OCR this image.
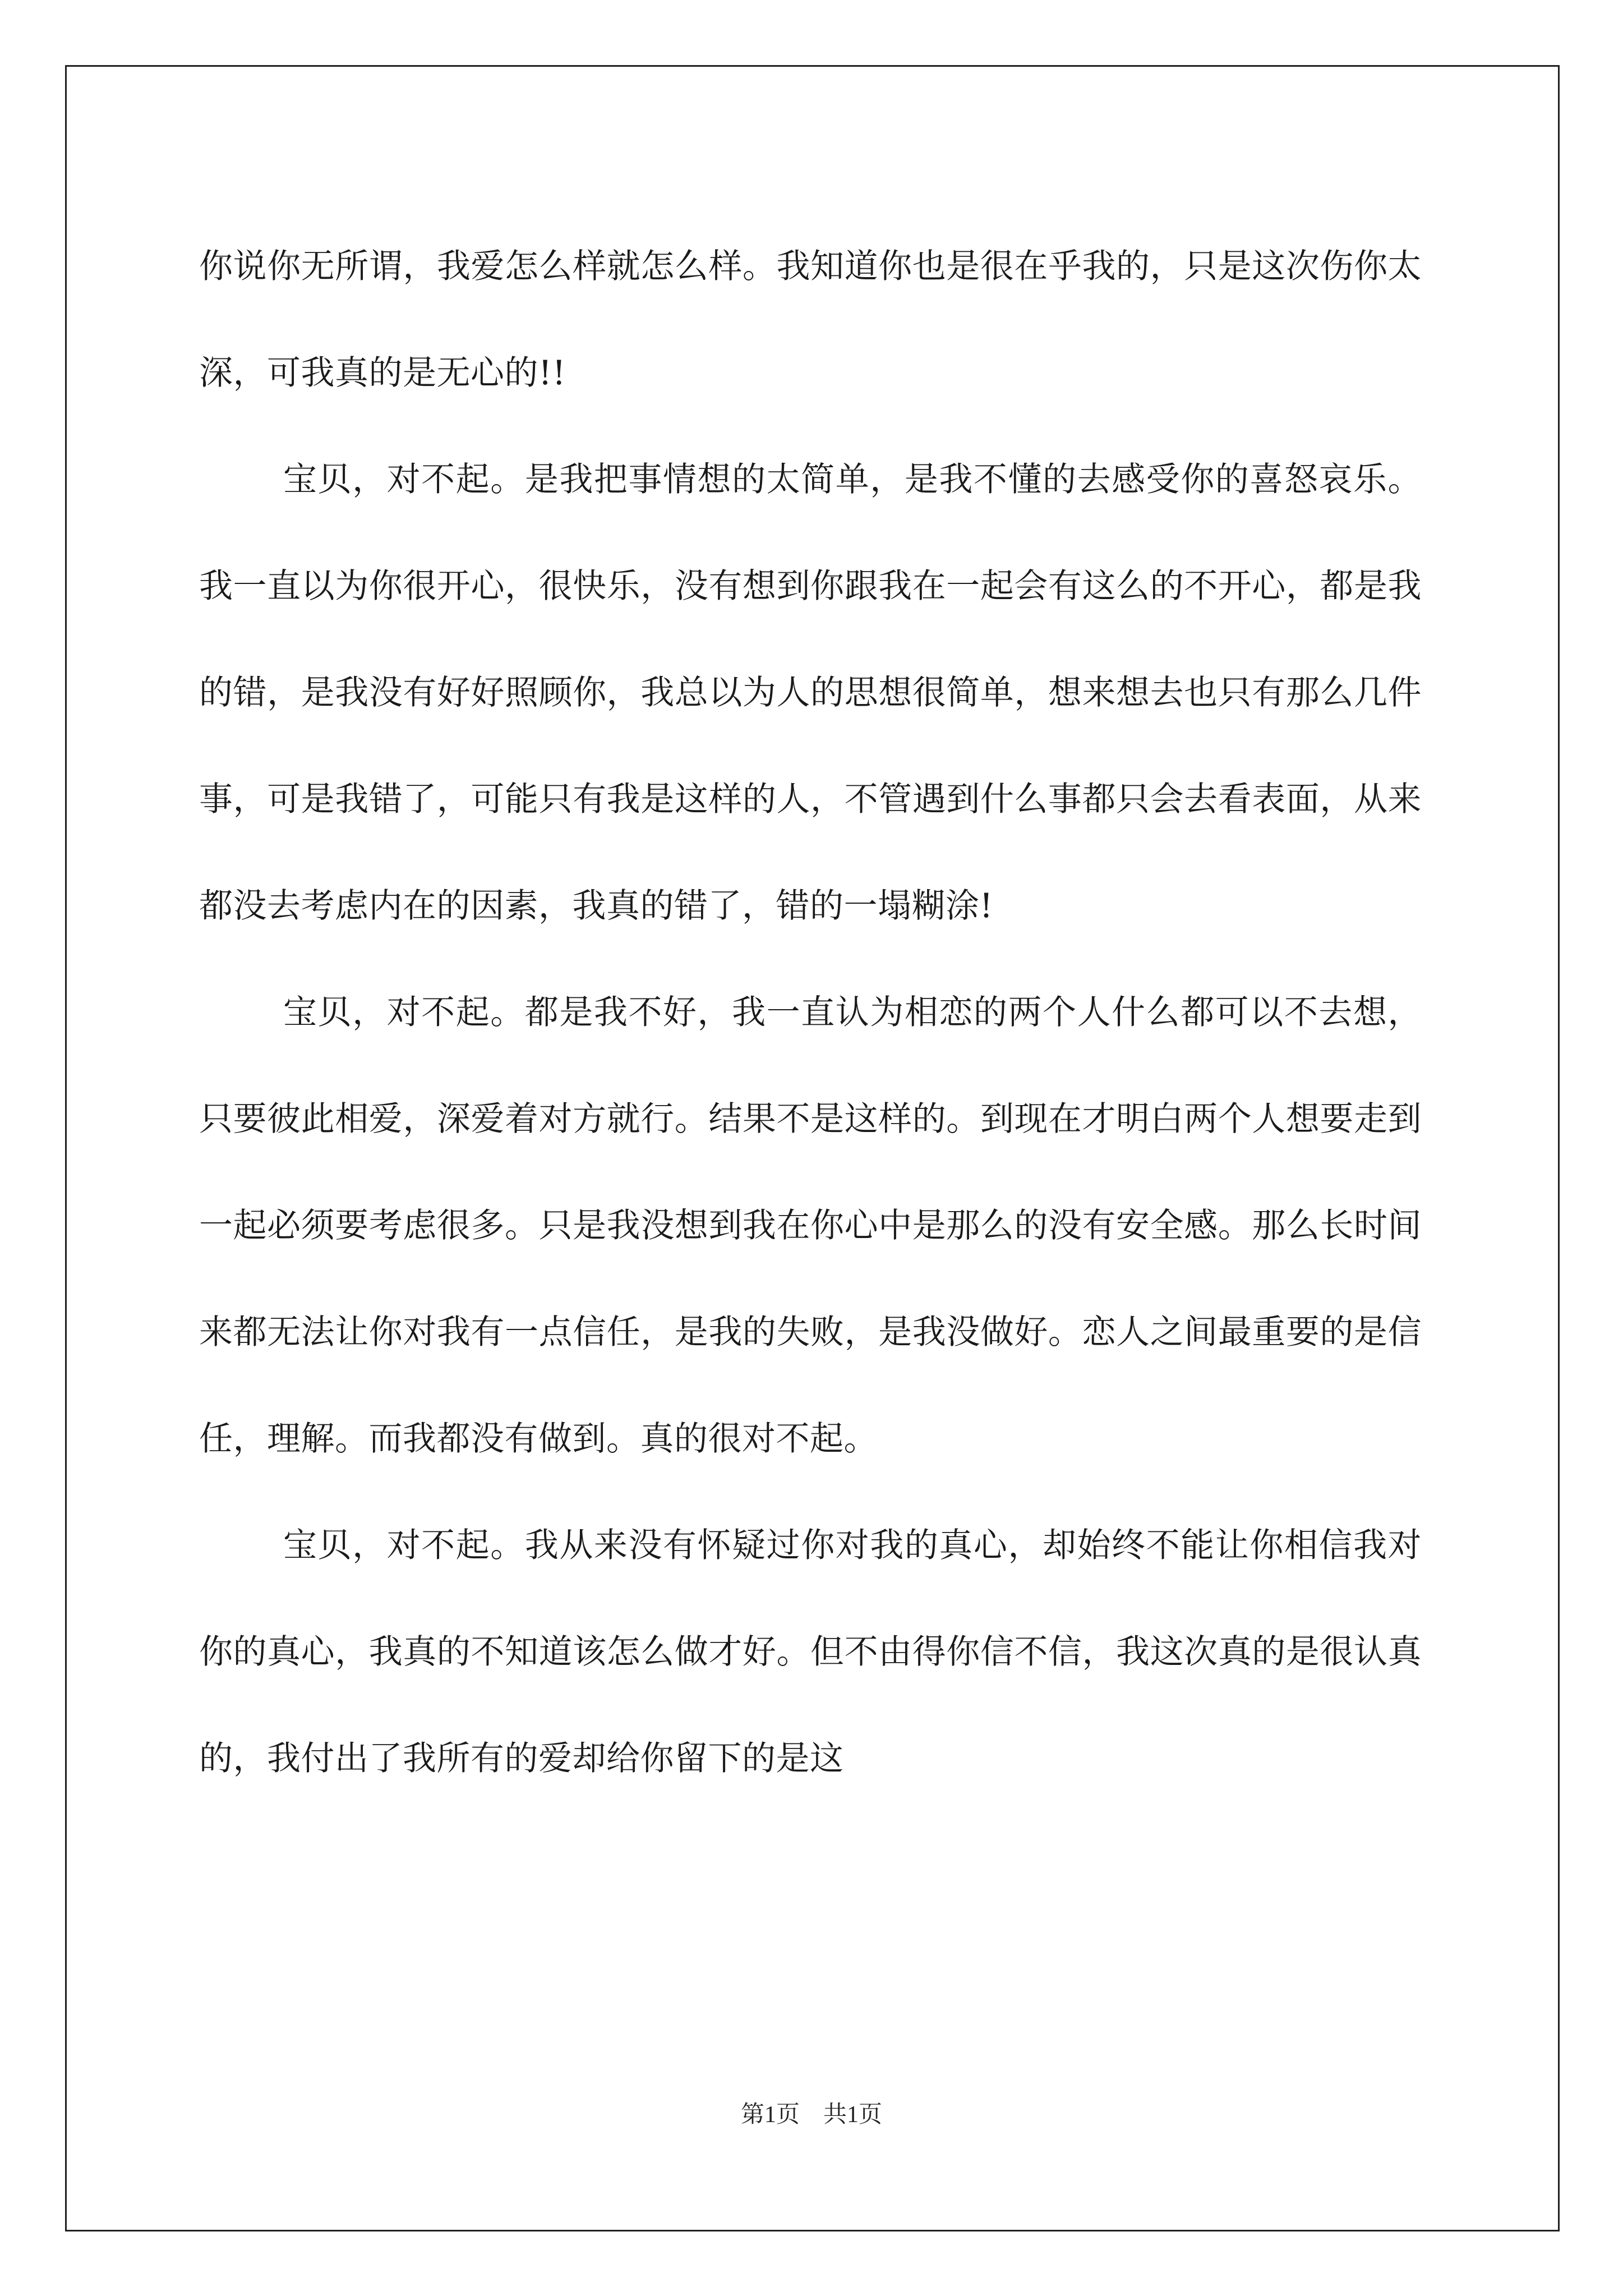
你说你无所谓，我爱怎么样就怎么样。我知道你也是很在乎我的，只是这次伤你太深，可我真的是无心的!!

宝贝，对不起。是我把事情想的太简单，是我不懂的去感受你的喜怒哀乐。我一直以为你很开心，很快乐，没有想到你跟我在一起会有这么的不开心，都是我的错，是我没有好好照顾你，我总以为人的思想很简单，想来想去也只有那么几件事，可是我错了，可能只有我是这样的人，不管遇到什么事都只会去看表面，从来都没去考虑内在的因素，我真的错了，错的一塌糊涂!

宝贝，对不起。都是我不好，我一直认为相恋的两个人什么都可以不去想，只要彼此相爱，深爱着对方就行。结果不是这样的。到现在才明白两个人想要走到一起必须要考虑很多。只是我没想到我在你心中是那么的没有安全感。那么长时间来都无法让你对我有一点信任，是我的失败，是我没做好。恋人之间最重要的是信任，理解。而我都没有做到。真的很对不起。

宝贝，对不起。我从来没有怀疑过你对我的真心，却始终不能让你相信我对你的真心，我真的不知道该怎么做才好。但不由得你信不信，我这次真的是很认真的，我付出了我所有的爱却给你留下的是这

第1页　共1页
